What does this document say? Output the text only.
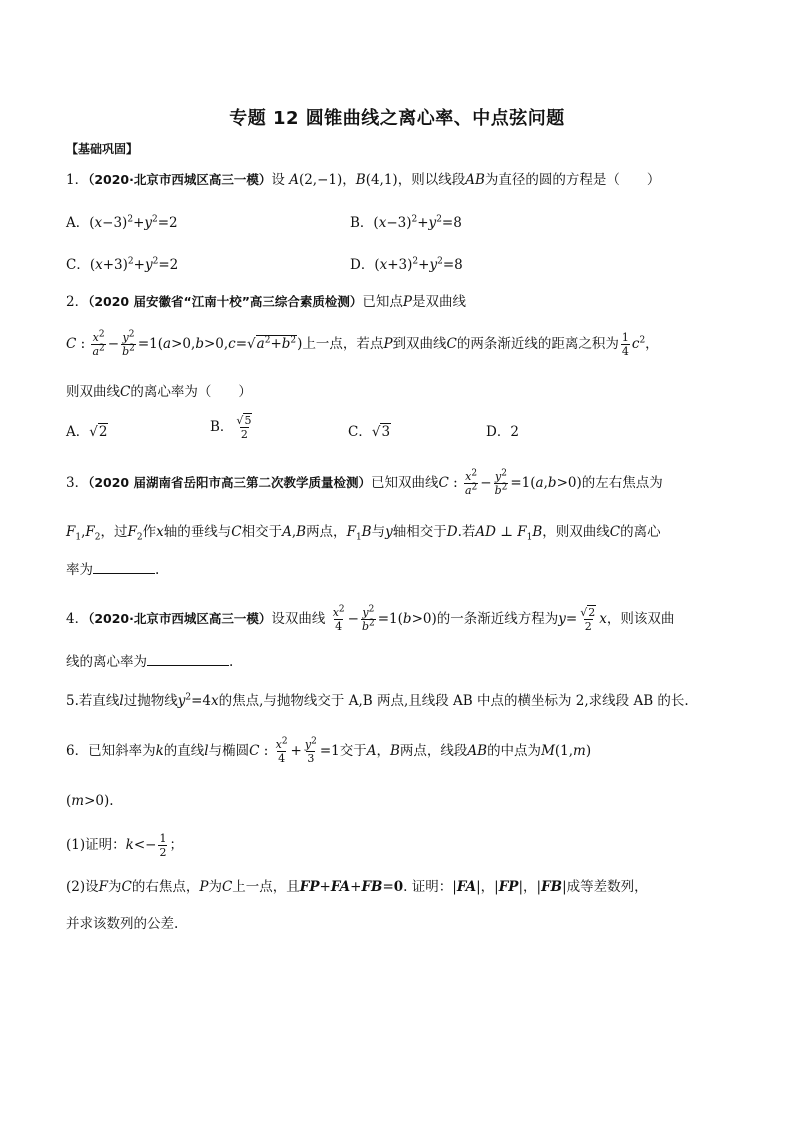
专题 12 圆锥曲线之离心率、中点弦问题
【基础巩固】
1．（2020·北京市西城区高三一模）设 A(2,−1)，B(4,1)，则以线段AB为直径的圆的方程是（　　）
A．$(x-3)^2+y^2=2$	B．$(x-3)^2+y^2=8$
C．$(x+3)^2+y^2=2$	D．$(x+3)^2+y^2=8$
2．（2020 届安徽省“江南十校”高三综合素质检测）已知点P是双曲线
C : $\frac{x^2}{a^2} - \frac{y^2}{b^2} =1(a>0,b>0,c=√a^2+b^2)$上一点，若点P到双曲线C的两条渐近线的距离之积为 $\frac{1}{4} c^2$，
则双曲线C的离心率为（　　）
A．√2	B． $\frac{√5}{2}$	C．√3	D．2
3．（2020 届湖南省岳阳市高三第二次教学质量检测）已知双曲线C : $\frac{x^2}{a^2} - \frac{y^2}{b^2} =1(a,b>0)$的左右焦点为
$F_1,F_2$，过$F_2$作x轴的垂线与C相交于A,B两点，$F_1B$与y轴相交于D.若AD ⊥ $F_1B$，则双曲线C的离心
率为	.
4．（2020·北京市西城区高三一模）设双曲线 $\frac{x^2}{4} - \frac{y^2}{b^2} =1(b>0)$的一条渐近线方程为$y= \frac{√2}{2}$ x，则该双曲
线的离心率为	.
5.若直线l过抛物线$y^2=4x$的焦点,与抛物线交于 A,B 两点,且线段 AB 中点的横坐标为 2,求线段 AB 的长.
6．已知斜率为k的直线l与椭圆C : $\frac{x^2}{4} + \frac{y^2}{3} =1$交于A，B两点，线段AB的中点为M(1,m)
(m>0).
(1)证明：$k<- \frac{1}{2}$ ；
(2)设F为C的右焦点，P为C上一点，且FP+FA+FB=0. 证明：|FA|，|FP|，|FB|成等差数列，
并求该数列的公差.
